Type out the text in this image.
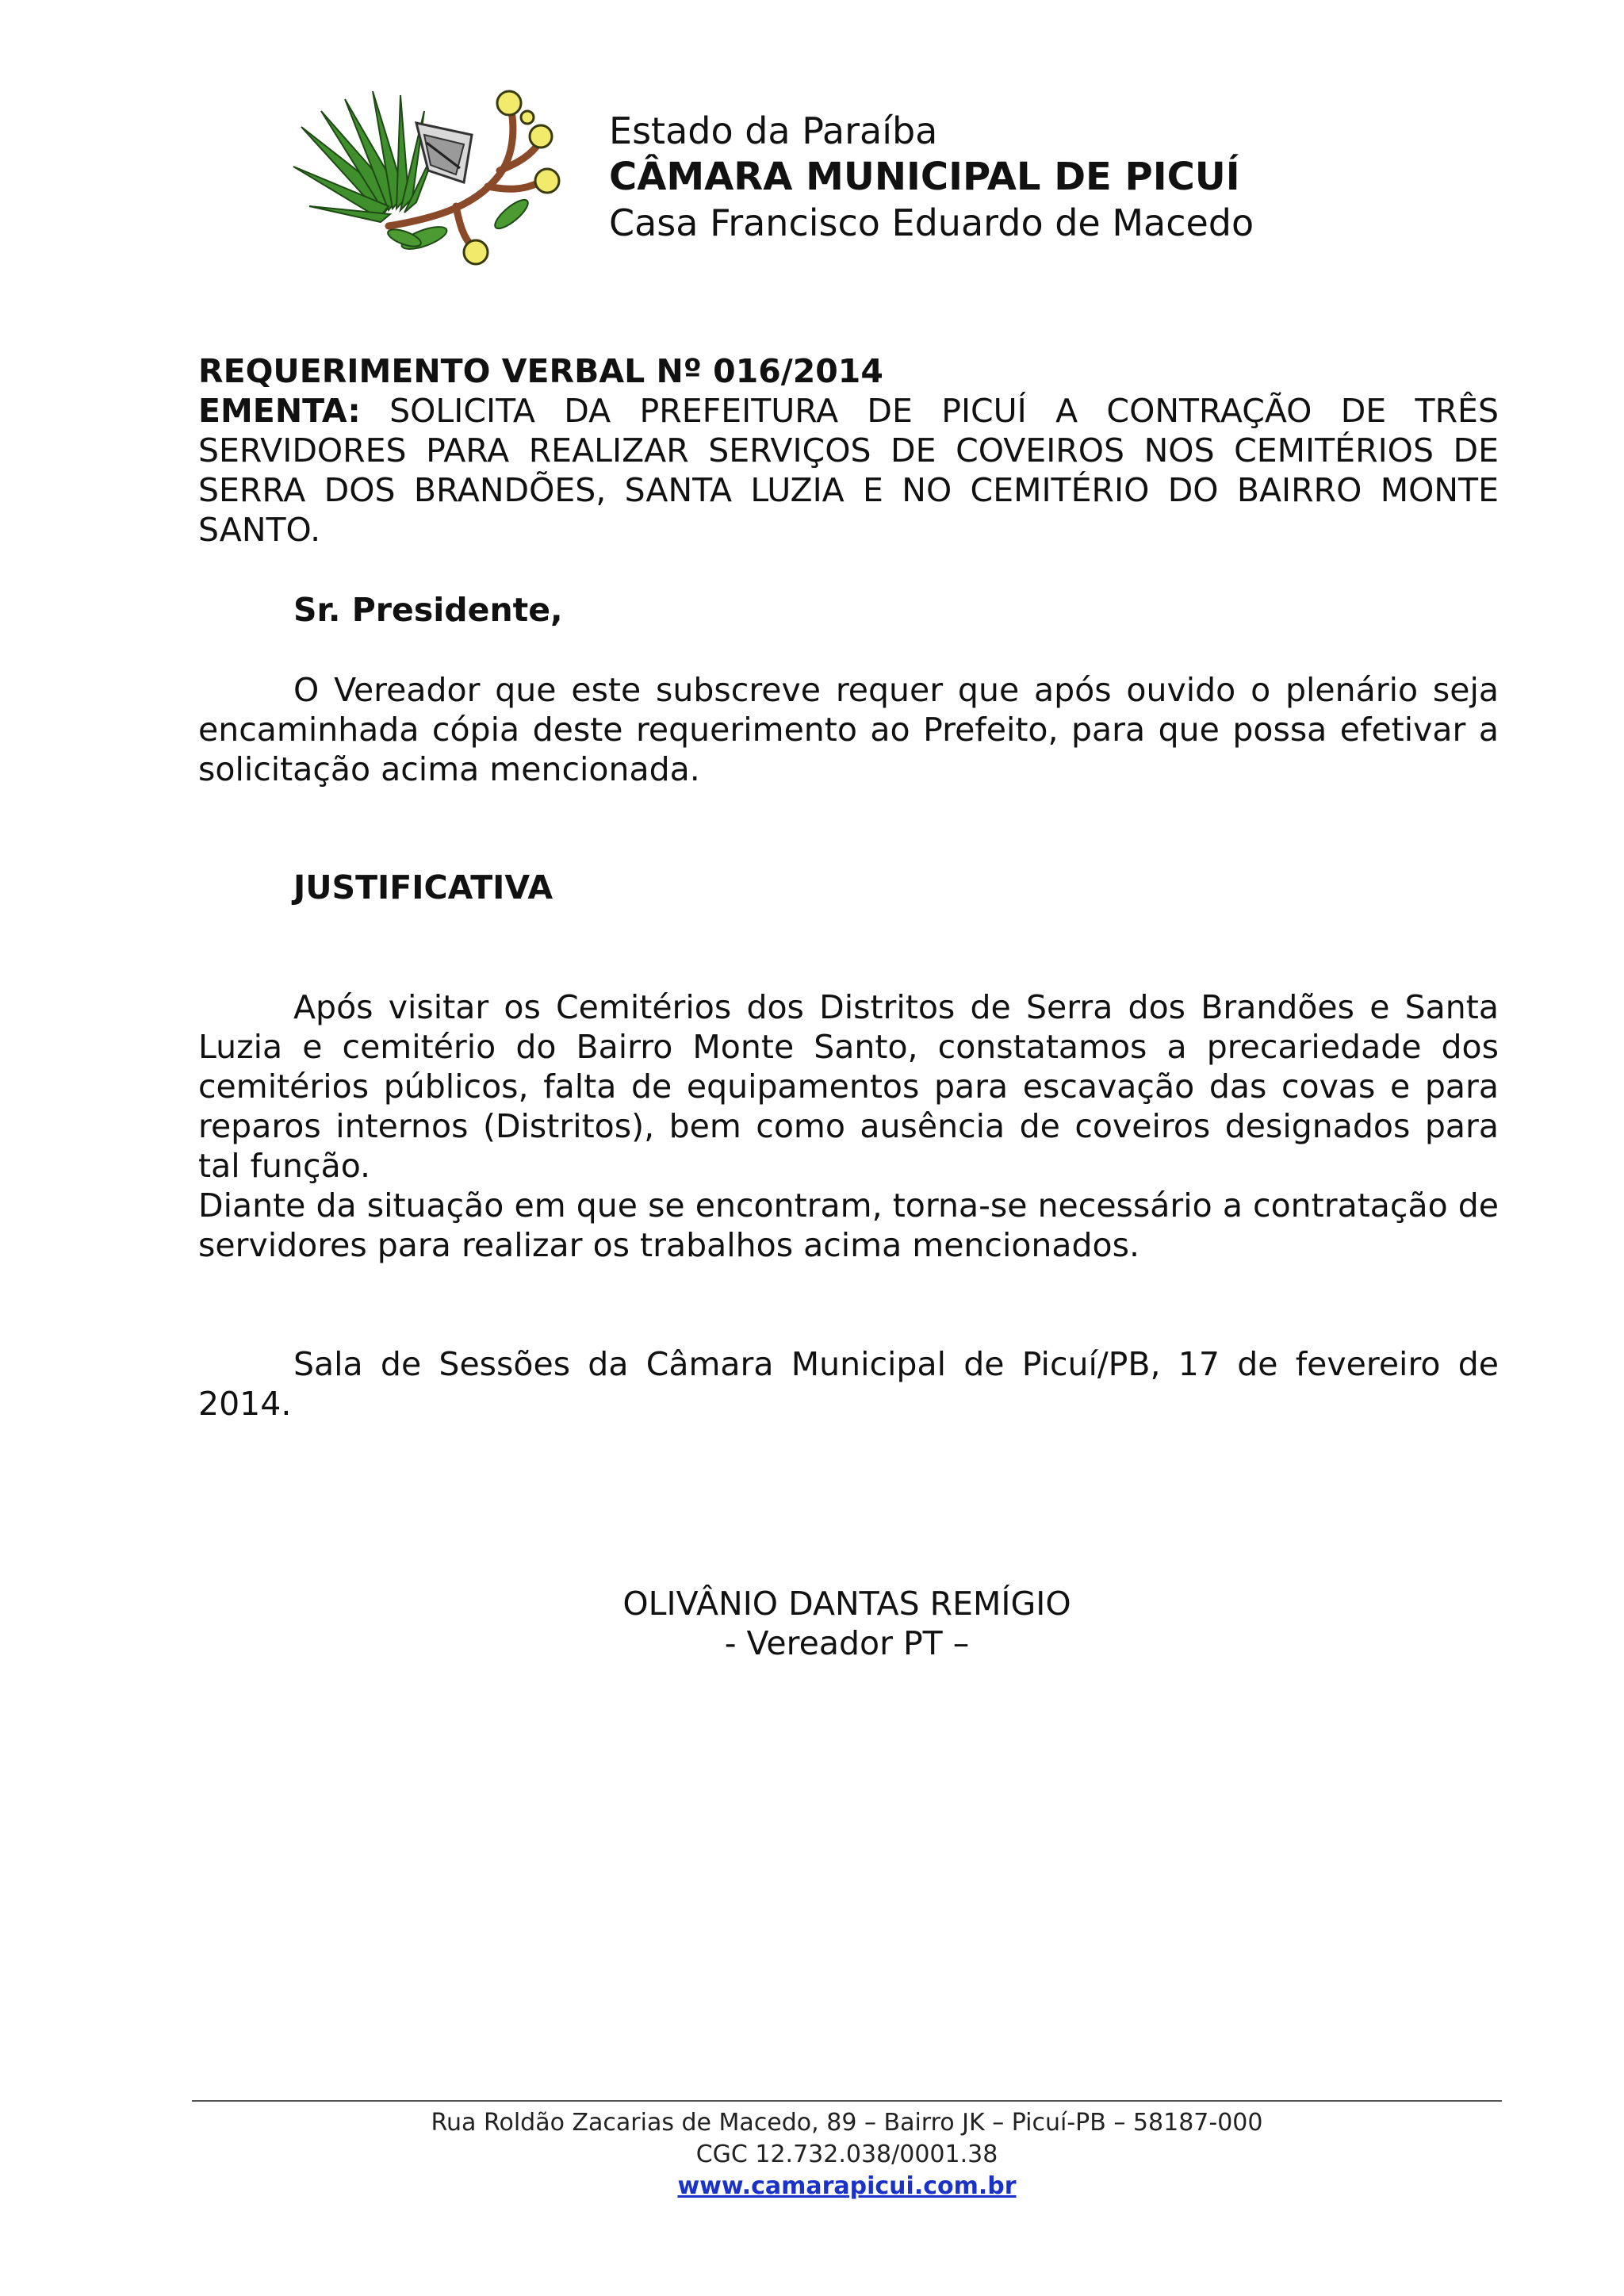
Estado da Paraíba

CÂMARA MUNICIPAL DE PICUÍ

Casa Francisco Eduardo de Macedo

REQUERIMENTO VERBAL Nº 016/2014

EMENTA: SOLICITA DA PREFEITURA DE PICUÍ A CONTRAÇÃO DE TRÊS SERVIDORES PARA REALIZAR SERVIÇOS DE COVEIROS NOS CEMITÉRIOS DE SERRA DOS BRANDÕES, SANTA LUZIA E NO CEMITÉRIO DO BAIRRO MONTE SANTO.

Sr. Presidente,

O Vereador que este subscreve requer que após ouvido o plenário seja encaminhada cópia deste requerimento ao Prefeito, para que possa efetivar a solicitação acima mencionada.

JUSTIFICATIVA

Após visitar os Cemitérios dos Distritos de Serra dos Brandões e Santa Luzia e cemitério do Bairro Monte Santo, constatamos a precariedade dos cemitérios públicos, falta de equipamentos para escavação das covas e para reparos internos (Distritos), bem como ausência de coveiros designados para tal função.

Diante da situação em que se encontram, torna-se necessário a contratação de servidores para realizar os trabalhos acima mencionados.

Sala de Sessões da Câmara Municipal de Picuí/PB, 17 de fevereiro de 2014.

OLIVÂNIO DANTAS REMÍGIO

- Vereador PT –

Rua Roldão Zacarias de Macedo, 89 – Bairro JK – Picuí-PB – 58187-000

CGC 12.732.038/0001.38

www.camarapicui.com.br
